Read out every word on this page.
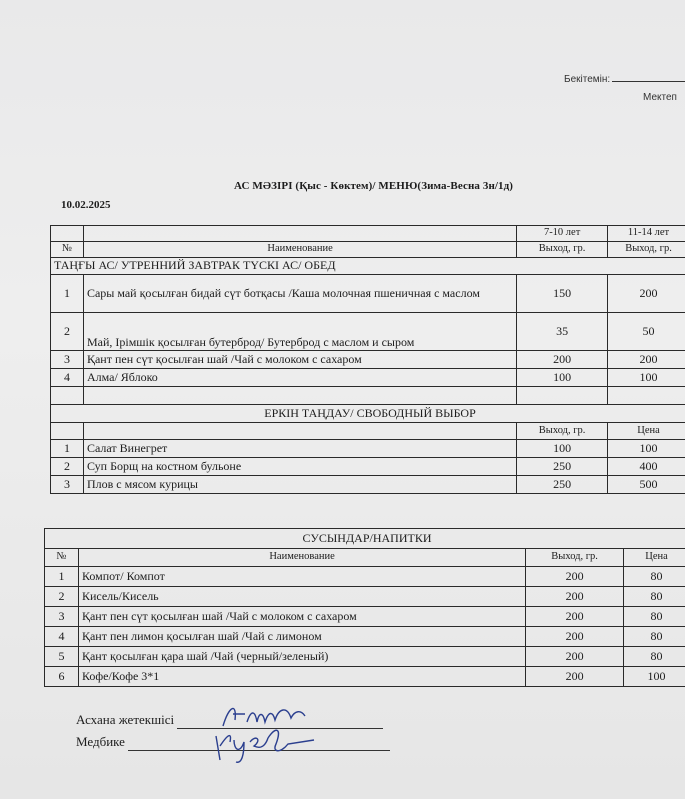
Бекітемін:
Мектеп
АС МӘЗІРІ (Қыс - Көктем)/ МЕНЮ(Зима-Весна 3н/1д)
10.02.2025
		7-10 лет	11-14 лет
№	Наименование	Выход, гр.	Выход, гр.
ТАҢҒЫ АС/ УТРЕННИЙ ЗАВТРАК ТҮСКІ АС/ ОБЕД			
1	Сары май қосылған бидай сүт ботқасы /Каша молочная пшеничная с маслом	150	200
2	Май, Ірімшік қосылған бутерброд/ Бутерброд с маслом и сыром	35	50
3	Қант пен сүт қосылған шай /Чай с молоком с сахаром	200	200
4	Алма/ Яблоко	100	100

ЕРКІН ТАҢДАУ/ СВОБОДНЫЙ ВЫБОР			
		Выход, гр.	Цена
1	Салат Винегрет	100	100
2	Суп Борщ на костном бульоне	250	400
3	Плов с мясом курицы	250	500
СУСЫНДАР/НАПИТКИ			
№	Наименование	Выход, гр.	Цена
1	Компот/ Компот	200	80
2	Кисель/Кисель	200	80
3	Қант пен сүт қосылған шай /Чай с молоком с сахаром	200	80
4	Қант пен лимон қосылған шай /Чай с лимоном	200	80
5	Қант қосылған қара шай /Чай (черный/зеленый)	200	80
6	Кофе/Кофе 3*1	200	100
Асхана жетекшісі
Медбике
